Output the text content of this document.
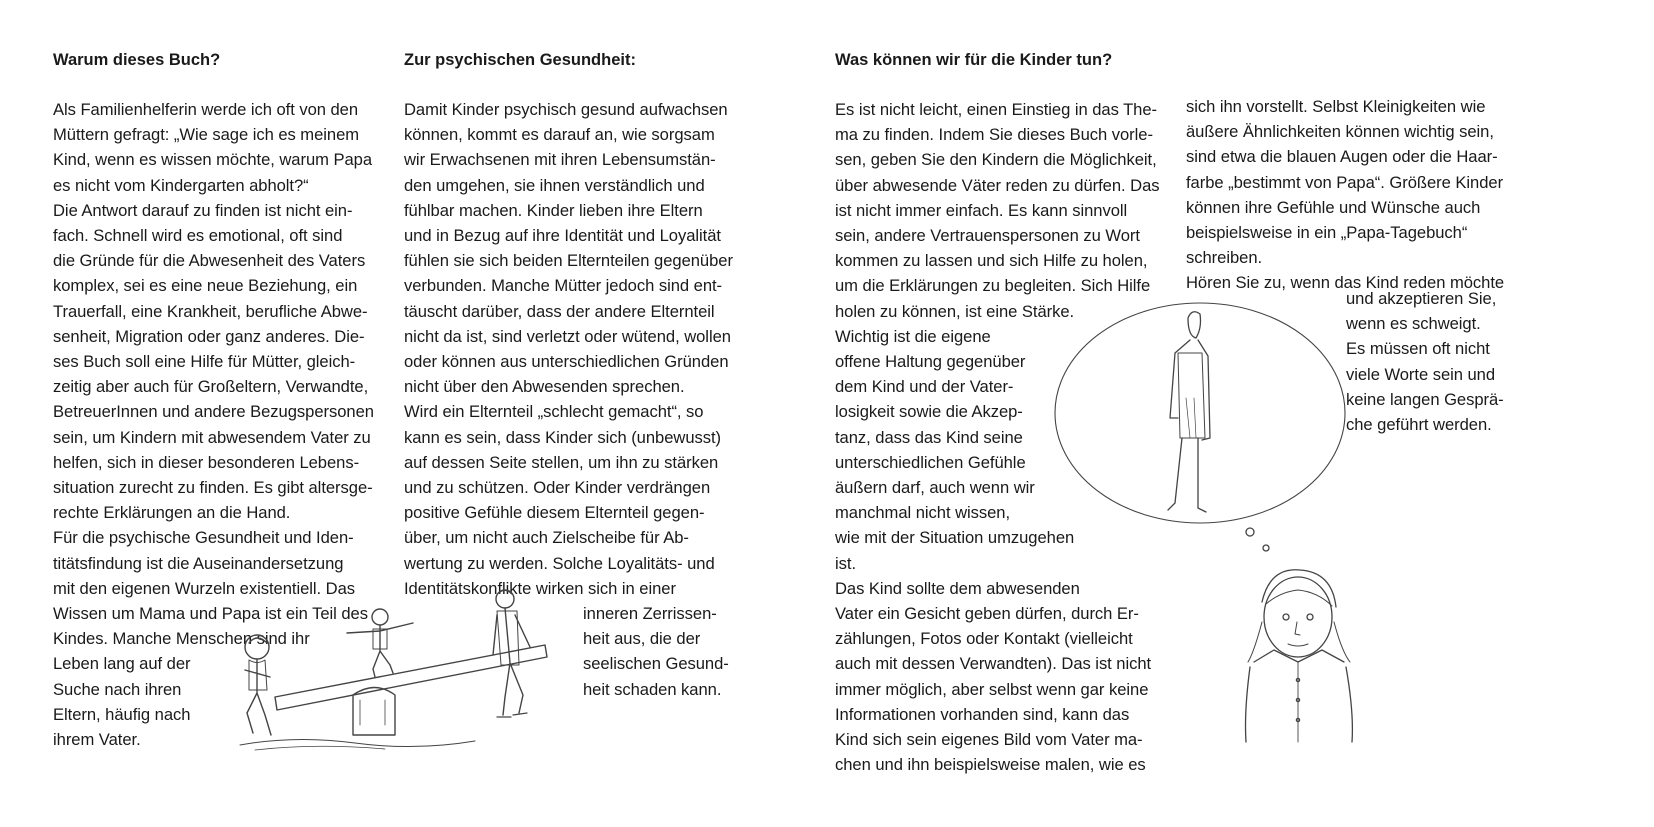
Warum dieses Buch?
Als Familienhelferin werde ich oft von den
Müttern gefragt: „Wie sage ich es meinem
Kind, wenn es wissen möchte, warum Papa
es nicht vom Kindergarten abholt?“
Die Antwort darauf zu finden ist nicht ein-
fach. Schnell wird es emotional, oft sind
die Gründe für die Abwesenheit des Vaters
komplex, sei es eine neue Beziehung, ein
Trauerfall, eine Krankheit, berufliche Abwe-
senheit, Migration oder ganz anderes. Die-
ses Buch soll eine Hilfe für Mütter, gleich-
zeitig aber auch für Großeltern, Verwandte,
BetreuerInnen und andere Bezugspersonen
sein, um Kindern mit abwesendem Vater zu
helfen, sich in dieser besonderen Lebens-
situation zurecht zu finden. Es gibt altersge-
rechte Erklärungen an die Hand.
Für die psychische Gesundheit und Iden-
titätsfindung ist die Auseinandersetzung
mit den eigenen Wurzeln existentiell. Das
Wissen um Mama und Papa ist ein Teil des
Kindes. Manche Menschen sind ihr
Leben lang auf der
Suche nach ihren
Eltern, häufig nach
ihrem Vater.
Zur psychischen Gesundheit:
Damit Kinder psychisch gesund aufwachsen
können, kommt es darauf an, wie sorgsam
wir Erwachsenen mit ihren Lebensumstän-
den umgehen, sie ihnen verständlich und
fühlbar machen. Kinder lieben ihre Eltern
und in Bezug auf ihre Identität und Loyalität
fühlen sie sich beiden Elternteilen gegenüber
verbunden. Manche Mütter jedoch sind ent-
täuscht darüber, dass der andere Elternteil
nicht da ist, sind verletzt oder wütend, wollen
oder können aus unterschiedlichen Gründen
nicht über den Abwesenden sprechen.
Wird ein Elternteil „schlecht gemacht“, so
kann es sein, dass Kinder sich (unbewusst)
auf dessen Seite stellen, um ihn zu stärken
und zu schützen. Oder Kinder verdrängen
positive Gefühle diesem Elternteil gegen-
über, um nicht auch Zielscheibe für Ab-
wertung zu werden. Solche Loyalitäts- und
Identitätskonflikte wirken sich in einer
inneren Zerrissen-
heit aus, die der
seelischen Gesund-
heit schaden kann.
Was können wir für die Kinder tun?
Es ist nicht leicht, einen Einstieg in das The-
ma zu finden. Indem Sie dieses Buch vorle-
sen, geben Sie den Kindern die Möglichkeit,
über abwesende Väter reden zu dürfen. Das
ist nicht immer einfach. Es kann sinnvoll
sein, andere Vertrauenspersonen zu Wort
kommen zu lassen und sich Hilfe zu holen,
um die Erklärungen zu begleiten. Sich Hilfe
holen zu können, ist eine Stärke.
Wichtig ist die eigene
offene Haltung gegenüber
dem Kind und der Vater-
losigkeit sowie die Akzep-
tanz, dass das Kind seine
unterschiedlichen Gefühle
äußern darf, auch wenn wir
manchmal nicht wissen,
wie mit der Situation umzugehen
ist.
Das Kind sollte dem abwesenden
Vater ein Gesicht geben dürfen, durch Er-
zählungen, Fotos oder Kontakt (vielleicht
auch mit dessen Verwandten). Das ist nicht
immer möglich, aber selbst wenn gar keine
Informationen vorhanden sind, kann das
Kind sich sein eigenes Bild vom Vater ma-
chen und ihn beispielsweise malen, wie es
sich ihn vorstellt. Selbst Kleinigkeiten wie
äußere Ähnlichkeiten können wichtig sein,
sind etwa die blauen Augen oder die Haar-
farbe „bestimmt von Papa“. Größere Kinder
können ihre Gefühle und Wünsche auch
beispielsweise in ein „Papa-Tagebuch“
schreiben.
Hören Sie zu, wenn das Kind reden möchte
und akzeptieren Sie,
wenn es schweigt.
Es müssen oft nicht
viele Worte sein und
keine langen Gesprä-
che geführt werden.
